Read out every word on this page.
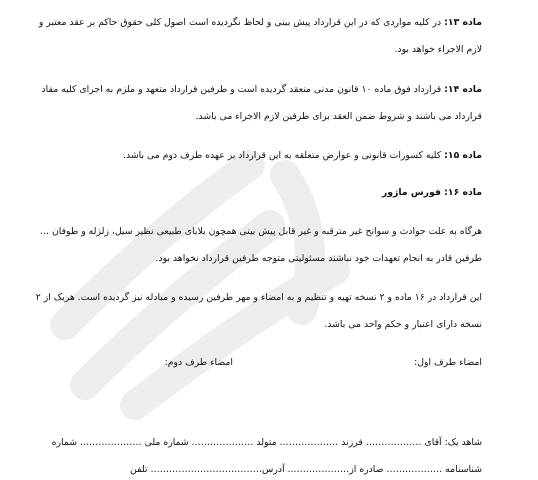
ماده ۱۳: در کلیه مواردی که در این قرارداد پیش بینی و لحاظ نگردیده است اصول کلی حقوق حاکم بر عقد معتبر و
لازم الاجراء خواهد بود.
ماده ۱۴: قرارداد فوق ماده ۱۰ قانون مدنی منعقد گردیده است و طرفین قرارداد متعهد و ملزم به اجرای کلیه مفاد
قرارداد می باشند و شروط ضمن العقد برای طرفین لازم الاجراء می باشد.
ماده ۱۵: کلیه کسورات قانونی و عوارض متعلقه به این قرارداد بر عهده طرف دوم می باشد.
ماده ۱۶: فورس ماژور
هرگاه به علت حوادث و سوانح غیر مترقبه و غیر قابل پیش بینی همچون بلایای طبیعی نظیر سیل، زلزله و طوفان …
طرفین قادر به انجام تعهدات خود نباشند مسئولیتی متوجه طرفین قرارداد نخواهد بود.
این قرارداد در ۱۶ ماده و ۲ نسخه تهیه و تنظیم و به امضاء و مهر طرفین رسیده و مبادله نیز گردیده است. هریک از ۲
نسخه دارای اعتبار و حکم واحد می باشد.
امضاء طرف اول:
امضاء طرف دوم:
شاهد یک: آقای ……………… فرزند ………………. متولد ……………….. شماره ملی ……………….. شماره
شناسنامه ……………… صادره از……………….. آدرس……………………………… تلفن
